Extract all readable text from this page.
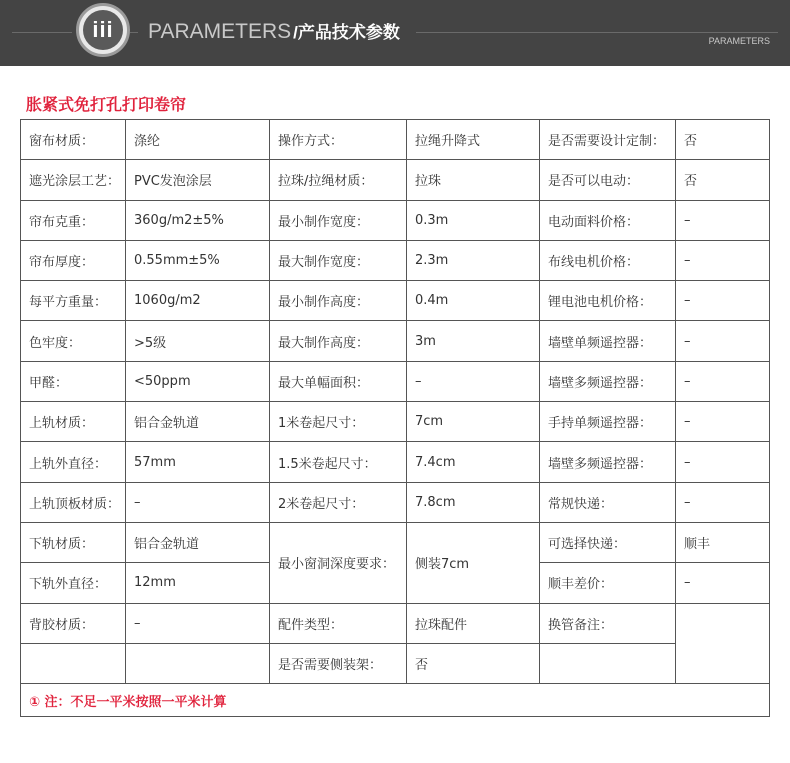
iii	PARAMETERS /产品技术参数	PARAMETERS
胀紧式免打孔打印卷帘
窗布材质：	涤纶	操作方式：	拉绳升降式	是否需要设计定制：	否
遮光涂层工艺：	PVC发泡涂层	拉珠/拉绳材质：	拉珠	是否可以电动：	否
帘布克重：	360g/m2±5%	最小制作宽度：	0.3m	电动面料价格：	–
帘布厚度：	0.55mm±5%	最大制作宽度：	2.3m	布线电机价格：	–
每平方重量：	1060g/m2	最小制作高度：	0.4m	锂电池电机价格：	–
色牢度：	>5级	最大制作高度：	3m	墙壁单频遥控器：	–
甲醛：	<50ppm	最大单幅面积：	–	墙壁多频遥控器：	–
上轨材质：	铝合金轨道	1米卷起尺寸：	7cm	手持单频遥控器：	–
上轨外直径：	57mm	1.5米卷起尺寸：	7.4cm	墙壁多频遥控器：	–
上轨顶板材质：	–	2米卷起尺寸：	7.8cm	常规快递：	–
下轨材质：	铝合金轨道	最小窗洞深度要求：	侧装7cm	可选择快递：	顺丰
下轨外直径：	12mm			顺丰差价：	–
背胶材质：	–	配件类型：	拉珠配件	换管备注：	
		是否需要侧装架：	否		
① 注：不足一平米按照一平米计算					
